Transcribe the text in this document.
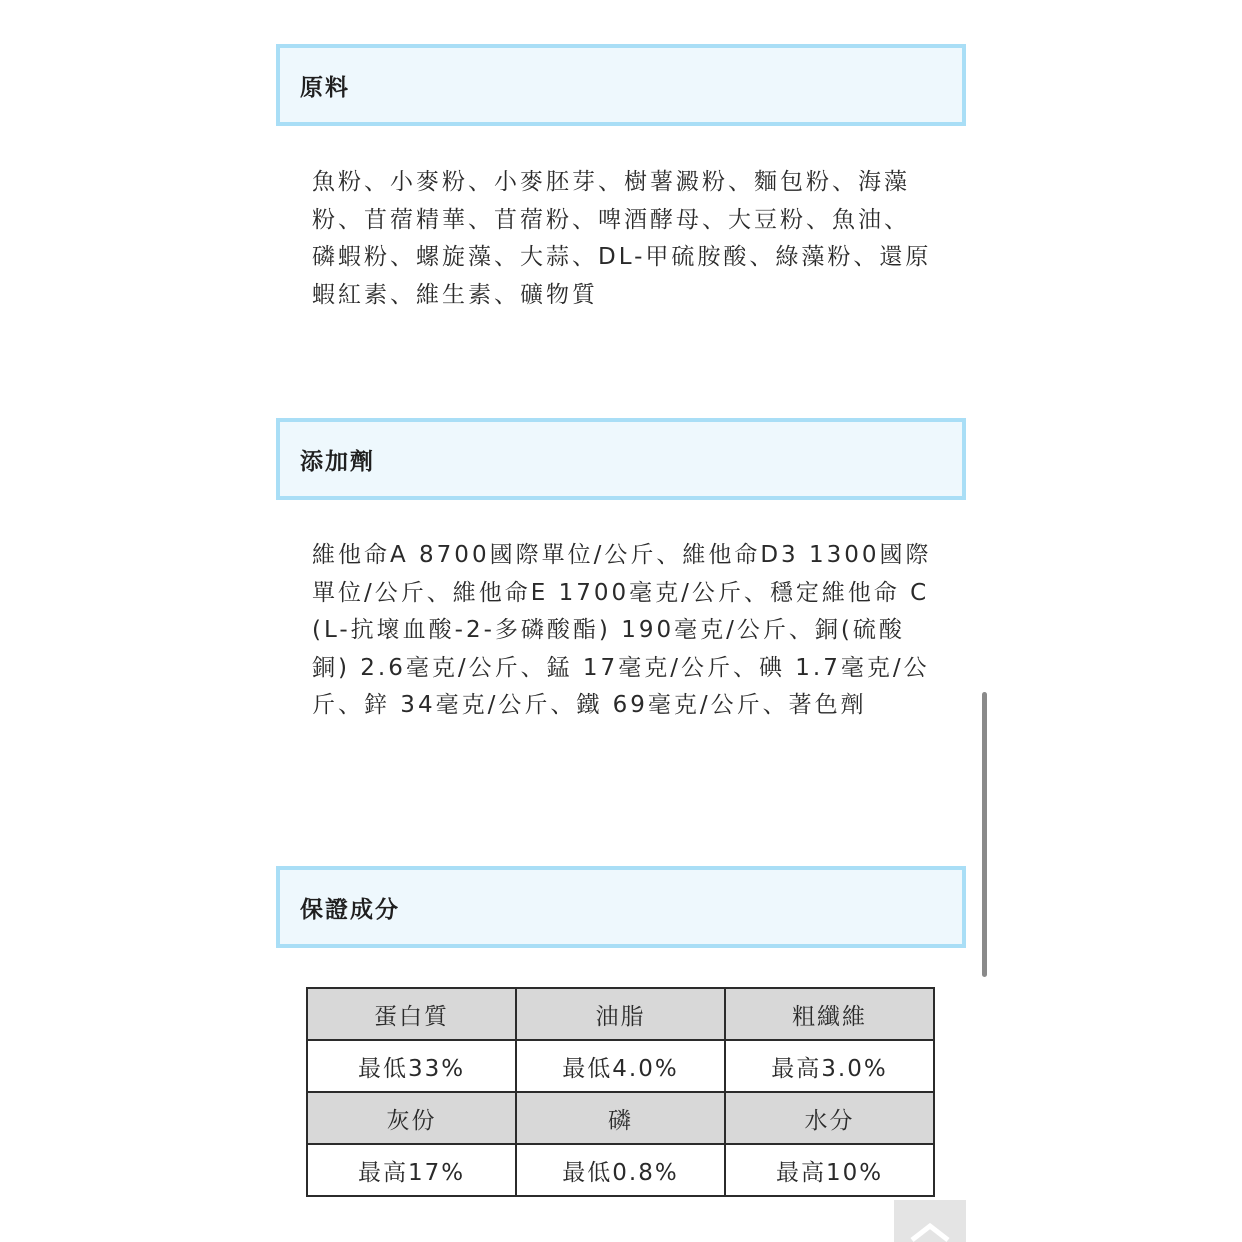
原料

魚粉、小麥粉、小麥胚芽、樹薯澱粉、麵包粉、海藻粉、苜蓿精華、苜蓿粉、啤酒酵母、大豆粉、魚油、磷蝦粉、螺旋藻、大蒜、DL-甲硫胺酸、綠藻粉、還原蝦紅素、維生素、礦物質

添加劑

維他命A 8700國際單位/公斤、維他命D3 1300國際單位/公斤、維他命E 1700毫克/公斤、穩定維他命 C(L-抗壞血酸-2-多磷酸酯) 190毫克/公斤、銅(硫酸 銅) 2.6毫克/公斤、錳 17毫克/公斤、碘 1.7毫克/公斤、鋅 34毫克/公斤、鐵 69毫克/公斤、著色劑

保證成分
蛋白質	油脂	粗纖維
最低33%	最低4.0%	最高3.0%
灰份	磷	水分
最高17%	最低0.8%	最高10%
